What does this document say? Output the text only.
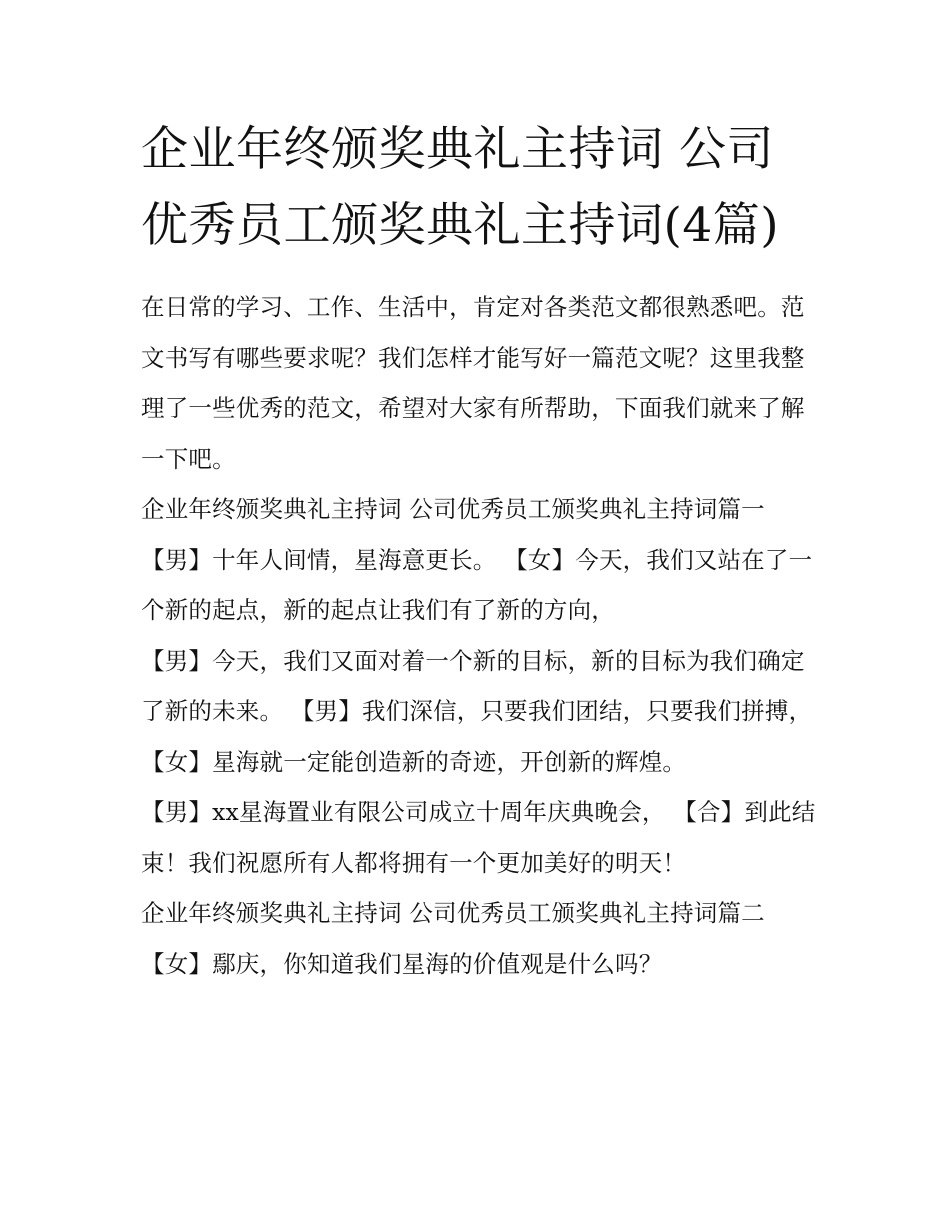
企业年终颁奖典礼主持词 公司优秀员工颁奖典礼主持词(4篇)

在日常的学习、工作、生活中，肯定对各类范文都很熟悉吧。范文书写有哪些要求呢？我们怎样才能写好一篇范文呢？这里我整理了一些优秀的范文，希望对大家有所帮助，下面我们就来了解一下吧。

企业年终颁奖典礼主持词 公司优秀员工颁奖典礼主持词篇一

【男】十年人间情，星海意更长。 【女】今天，我们又站在了一个新的起点，新的起点让我们有了新的方向，

【男】今天，我们又面对着一个新的目标，新的目标为我们确定了新的未来。 【男】我们深信，只要我们团结，只要我们拼搏，

【女】星海就一定能创造新的奇迹，开创新的辉煌。

【男】xx星海置业有限公司成立十周年庆典晚会， 【合】到此结束！我们祝愿所有人都将拥有一个更加美好的明天！

企业年终颁奖典礼主持词 公司优秀员工颁奖典礼主持词篇二

【女】鄢庆，你知道我们星海的价值观是什么吗？
